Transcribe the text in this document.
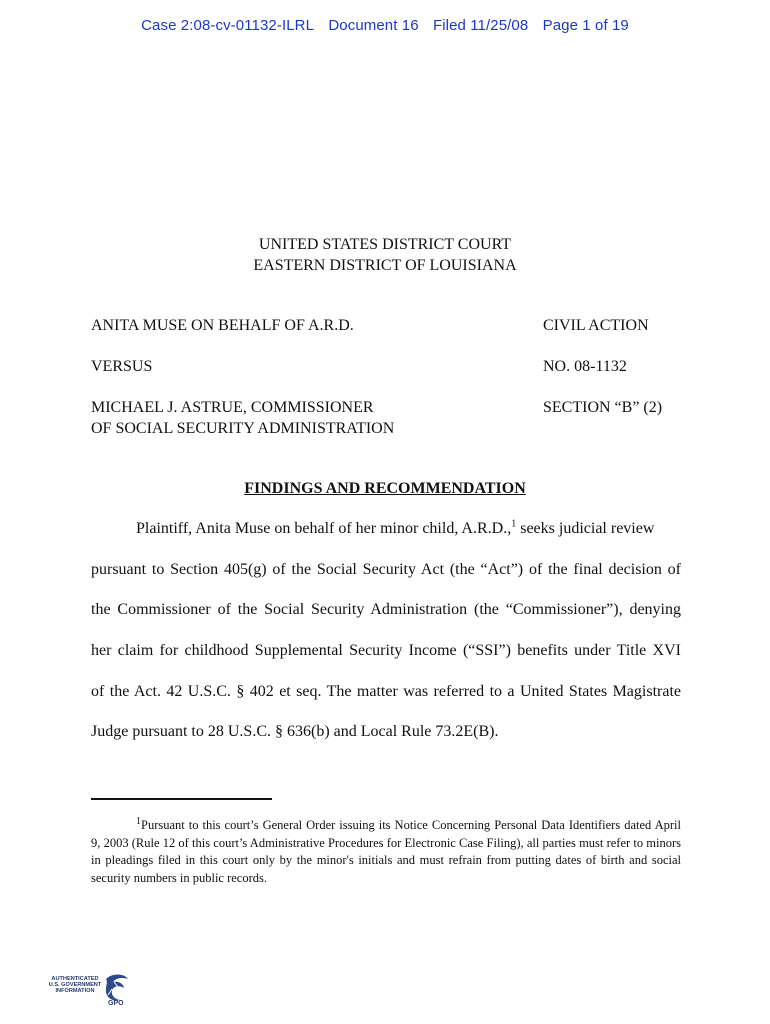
Case 2:08-cv-01132-ILRL Document 16 Filed 11/25/08 Page 1 of 19
UNITED STATES DISTRICT COURT
EASTERN DISTRICT OF LOUISIANA
ANITA MUSE ON BEHALF OF A.R.D.
VERSUS
MICHAEL J. ASTRUE, COMMISSIONER
OF SOCIAL SECURITY ADMINISTRATION
CIVIL ACTION
NO. 08-1132
SECTION “B” (2)
FINDINGS AND RECOMMENDATION
Plaintiff, Anita Muse on behalf of her minor child, A.R.D.,$^1$ seeks judicial review
pursuant to Section 405(g) of the Social Security Act (the “Act”) of the final decision of
the Commissioner of the Social Security Administration (the “Commissioner”), denying
her claim for childhood Supplemental Security Income (“SSI”) benefits under Title XVI
of the Act. 42 U.S.C. § 402 et seq. The matter was referred to a United States Magistrate
Judge pursuant to 28 U.S.C. § 636(b) and Local Rule 73.2E(B).
$^1$Pursuant to this court’s General Order issuing its Notice Concerning Personal Data Identifiers dated April 9, 2003 (Rule 12 of this court’s Administrative Procedures for Electronic Case Filing), all parties must refer to minors in pleadings filed in this court only by the minor's initials and must refrain from putting dates of birth and social security numbers in public records.
AUTHENTICATED
U.S. GOVERNMENT
INFORMATION
GPO
